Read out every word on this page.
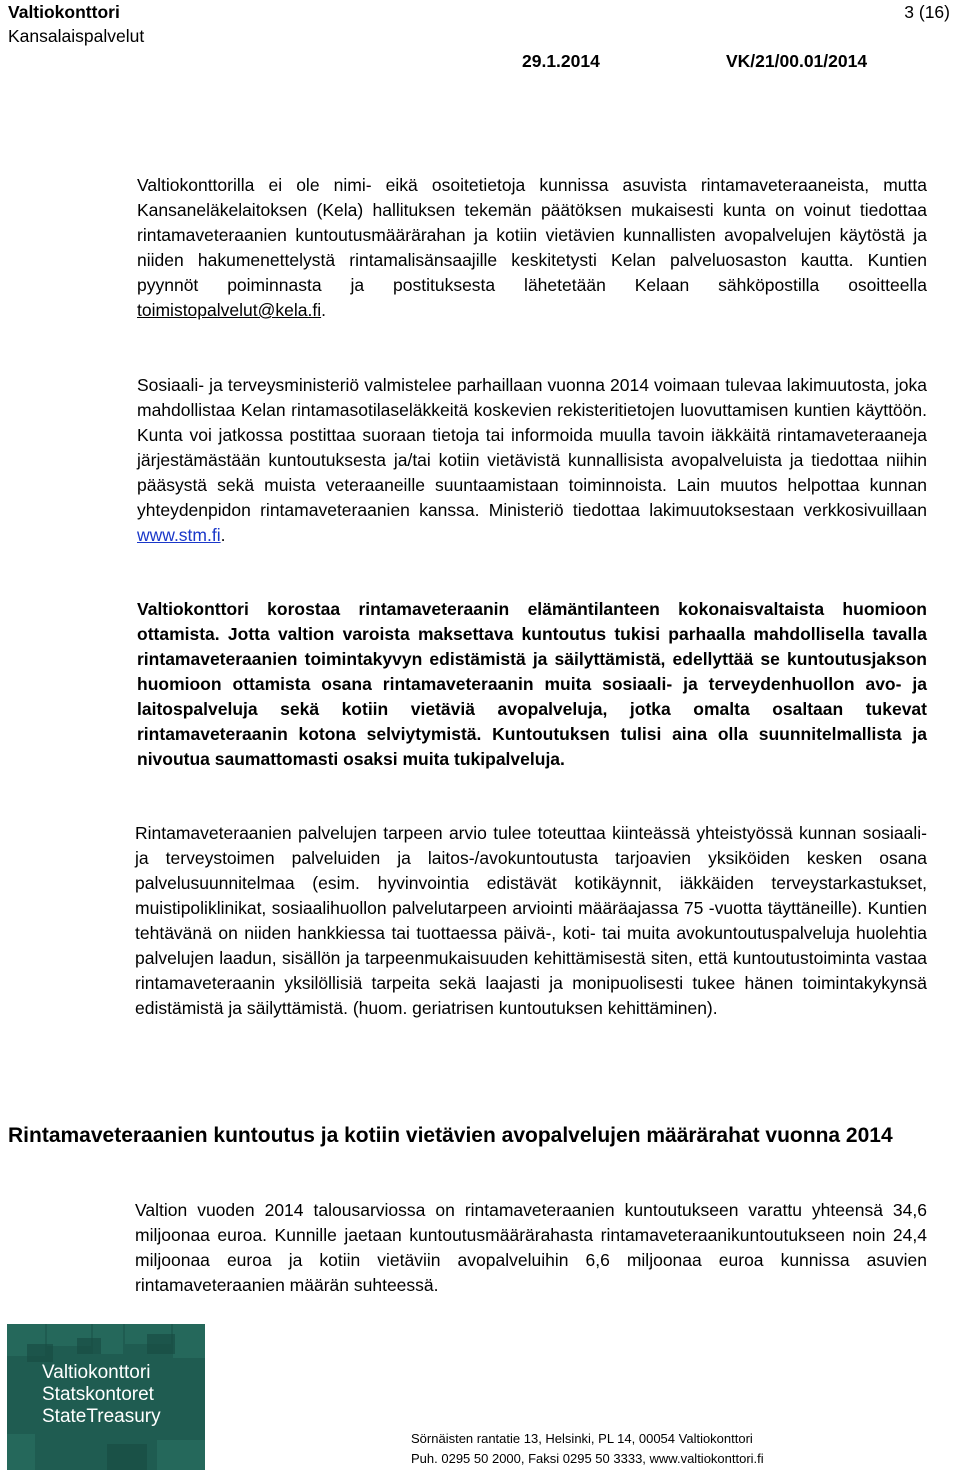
Valtiokonttori	3 (16)
Kansalaispalvelut
29.1.2014	VK/21/00.01/2014

Valtiokonttorilla ei ole nimi- eikä osoitetietoja kunnissa asuvista rintamaveteraaneista, mutta Kansaneläkelaitoksen (Kela) hallituksen tekemän päätöksen mukaisesti kunta on voinut tiedottaa rintamaveteraanien kuntoutusmäärärahan ja kotiin vietävien kunnallisten avopalvelujen käytöstä ja niiden hakumenettelystä rintamalisänsaajille keskitetysti Kelan palveluosaston kautta. Kuntien pyynnöt poiminnasta ja postituksesta lähetetään Kelaan sähköpostilla osoitteella toimistopalvelut@kela.fi.

Sosiaali- ja terveysministeriö valmistelee parhaillaan vuonna 2014 voimaan tulevaa lakimuutosta, joka mahdollistaa Kelan rintamasotilaseläkkeitä koskevien rekisteritietojen luovuttamisen kuntien käyttöön. Kunta voi jatkossa postittaa suoraan tietoja tai informoida muulla tavoin iäkkäitä rintamaveteraaneja järjestämästään kuntoutuksesta ja/tai kotiin vietävistä kunnallisista avopalveluista ja tiedottaa niihin pääsystä sekä muista veteraaneille suuntaamistaan toiminnoista. Lain muutos helpottaa kunnan yhteydenpidon rintamaveteraanien kanssa. Ministeriö tiedottaa lakimuutoksestaan verkkosivuillaan www.stm.fi.

Valtiokonttori korostaa rintamaveteraanin elämäntilanteen kokonaisvaltaista huomioon ottamista. Jotta valtion varoista maksettava kuntoutus tukisi parhaalla mahdollisella tavalla rintamaveteraanien toimintakyvyn edistämistä ja säilyttämistä, edellyttää se kuntoutusjakson huomioon ottamista osana rintamaveteraanin muita sosiaali- ja terveydenhuollon avo- ja laitospalveluja sekä kotiin vietäviä avopalveluja, jotka omalta osaltaan tukevat rintamaveteraanin kotona selviytymistä. Kuntoutuksen tulisi aina olla suunnitelmallista ja nivoutua saumattomasti osaksi muita tukipalveluja.

Rintamaveteraanien palvelujen tarpeen arvio tulee toteuttaa kiinteässä yhteistyössä kunnan sosiaali- ja terveystoimen palveluiden ja laitos-/avokuntoutusta tarjoavien yksiköiden kesken osana palvelusuunnitelmaa (esim. hyvinvointia edistävät kotikäynnit, iäkkäiden terveystarkastukset, muistipoliklinikat, sosiaalihuollon palvelutarpeen arviointi määräajassa 75 -vuotta täyttäneille). Kuntien tehtävänä on niiden hankkiessa tai tuottaessa päivä-, koti- tai muita avokuntoutuspalveluja huolehtia palvelujen laadun, sisällön ja tarpeenmukaisuuden kehittämisestä siten, että kuntoutustoiminta vastaa rintamaveteraanin yksilöllisiä tarpeita sekä laajasti ja monipuolisesti tukee hänen toimintakykynsä edistämistä ja säilyttämistä. (huom. geriatrisen kuntoutuksen kehittäminen).

Rintamaveteraanien kuntoutus ja kotiin vietävien avopalvelujen määrärahat vuonna 2014

Valtion vuoden 2014 talousarviossa on rintamaveteraanien kuntoutukseen varattu yhteensä 34,6 miljoonaa euroa. Kunnille jaetaan kuntoutusmäärärahasta rintamaveteraanikuntoutukseen noin 24,4 miljoonaa euroa ja kotiin vietäviin avopalveluihin 6,6 miljoonaa euroa kunnissa asuvien rintamaveteraanien määrän suhteessä.

Valtiokonttori
Statskontoret
StateTreasury
Sörnäisten rantatie 13, Helsinki, PL 14, 00054 Valtiokonttori
Puh. 0295 50 2000, Faksi 0295 50 3333, www.valtiokonttori.fi
